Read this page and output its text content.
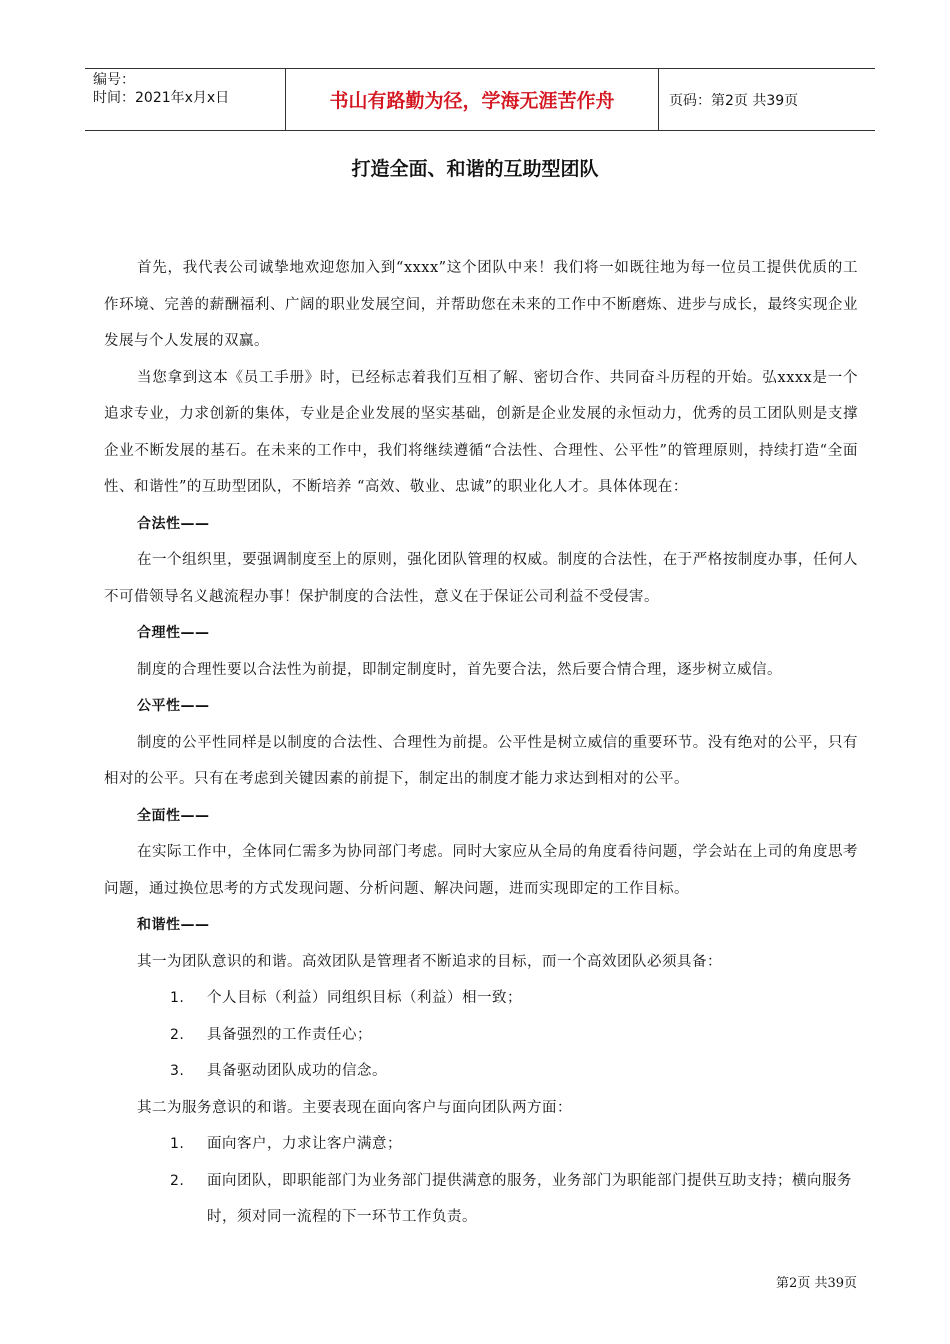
编号：
时间：2021年x月x日	书山有路勤为径，学海无涯苦作舟	页码：第2页 共39页
打造全面、和谐的互助型团队

首先，我代表公司诚挚地欢迎您加入到“xxxx”这个团队中来！我们将一如既往地为每一位员工提供优质的工作环境、完善的薪酬福利、广阔的职业发展空间，并帮助您在未来的工作中不断磨炼、进步与成长，最终实现企业发展与个人发展的双赢。

当您拿到这本《员工手册》时，已经标志着我们互相了解、密切合作、共同奋斗历程的开始。弘xxxx是一个追求专业，力求创新的集体，专业是企业发展的坚实基础，创新是企业发展的永恒动力，优秀的员工团队则是支撑企业不断发展的基石。在未来的工作中，我们将继续遵循“合法性、合理性、公平性”的管理原则，持续打造“全面性、和谐性”的互助型团队，不断培养 “高效、敬业、忠诚”的职业化人才。具体体现在：

合法性——

在一个组织里，要强调制度至上的原则，强化团队管理的权威。制度的合法性，在于严格按制度办事，任何人不可借领导名义越流程办事！保护制度的合法性，意义在于保证公司利益不受侵害。

合理性——

制度的合理性要以合法性为前提，即制定制度时，首先要合法，然后要合情合理，逐步树立威信。

公平性——

制度的公平性同样是以制度的合法性、合理性为前提。公平性是树立威信的重要环节。没有绝对的公平，只有相对的公平。只有在考虑到关键因素的前提下，制定出的制度才能力求达到相对的公平。

全面性——

在实际工作中，全体同仁需多为协同部门考虑。同时大家应从全局的角度看待问题，学会站在上司的角度思考问题，通过换位思考的方式发现问题、分析问题、解决问题，进而实现即定的工作目标。

和谐性——

其一为团队意识的和谐。高效团队是管理者不断追求的目标，而一个高效团队必须具备：

1.	个人目标（利益）同组织目标（利益）相一致；
2.	具备强烈的工作责任心；
3.	具备驱动团队成功的信念。

其二为服务意识的和谐。主要表现在面向客户与面向团队两方面：

1.	面向客户，力求让客户满意；
2.	面向团队，即职能部门为业务部门提供满意的服务，业务部门为职能部门提供互助支持；横向服务时，须对同一流程的下一环节工作负责。
第2页 共39页
